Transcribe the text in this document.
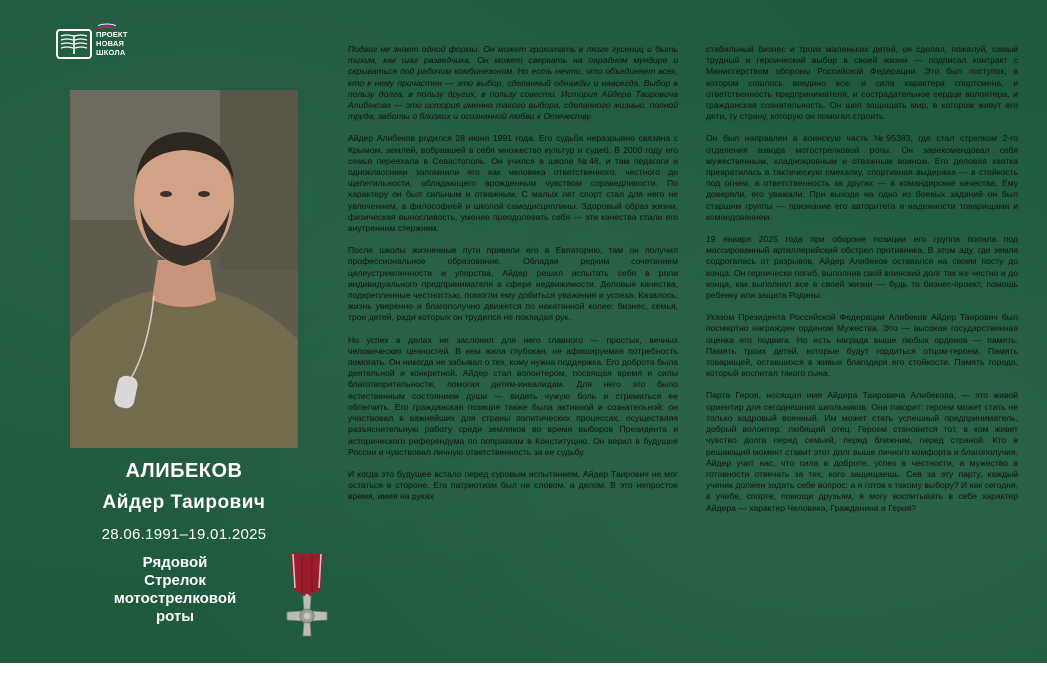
ПРОЕКТ
НОВАЯ
ШКОЛА
АЛИБЕКОВ
Айдер Таирович
28.06.1991–19.01.2025
Рядовой
Стрелок
мотострелковой
роты

Подвиг не знает одной формы. Он может грохотать в лязге гусениц и быть тихим, как шаг разведчика. Он может сверкать на парадном мундире и скрываться под рабочим комбинезоном. Но есть нечто, что объединяет всех, кто к нему причастен — это выбор, сделанный однажды и навсегда. Выбор в пользу долга, в пользу других, в пользу совести. История Айдера Таировича Алибекова — это история именно такого выбора, сделанного жизнью, полной труда, заботы о близких и осознанной любви к Отечеству.

Айдер Алибеков родился 28 июня 1991 года. Его судьба неразрывно связана с Крымом, землей, вобравшей в себя множество культур и судеб. В 2000 году его семья переехала в Севастополь. Он учился в школе №46, и там педагоги и одноклассники запомнили его как человека ответственного, честного до щепетильности, обладающего врожденным чувством справедливости. По характеру он был сильным и отважным. С малых лет спорт стал для него не увлечением, а философией и школой самодисциплины. Здоровый образ жизни, физическая выносливость, умение преодолевать себя — эти качества стали его внутренним стержнем.

После школы жизненные пути привели его в Евпаторию, там он получил профессиональное образование. Обладая редким сочетанием целеустремленности и упорства, Айдер решил испытать себя в роли индивидуального предпринимателя в сфере недвижимости. Деловые качества, подкрепленные честностью, помогли ему добиться уважения и успеха. Казалось, жизнь уверенно и благополучно движется по накатанной колее: бизнес, семья, трое детей, ради которых он трудился не покладая рук.

Но успех в делах не заслонил для него главного — простых, вечных человеческих ценностей. В нем жила глубокая, не афишируемая потребность помогать. Он никогда не забывал о тех, кому нужна поддержка. Его доброта была деятельной и конкретной. Айдер стал волонтером, посвящая время и силы благотворительности, помогая детям-инвалидам. Для него это было естественным состоянием души — видеть чужую боль и стремиться ее облегчить. Его гражданская позиция также была активной и сознательной: он участвовал в важнейших для страны политических процессах, осуществляя разъяснительную работу среди земляков во время выборов Президента и исторического референдума по поправкам в Конституцию. Он верил в будущее России и чувствовал личную ответственность за ее судьбу.

И когда это будущее встало перед суровым испытанием, Айдер Таирович не мог остаться в стороне. Его патриотизм был не словом, а делом. В это непростое время, имея на руках

стабильный бизнес и троих маленьких детей, он сделал, пожалуй, самый трудный и героический выбор в своей жизни — подписал контракт с Министерством обороны Российской Федерации. Это был поступок, в котором сошлось воедино все: и сила характера спортсмена, и ответственность предпринимателя, и сострадательное сердце волонтера, и гражданская сознательность. Он шел защищать мир, в котором живут его дети, ту страну, которую он помогал строить.

Он был направлен в воинскую часть №95383, где стал стрелком 2-го отделения взвода мотострелковой роты. Он зарекомендовал себя мужественным, хладнокровным и отважным воином. Его деловая хватка превратилась в тактическую смекалку, спортивная выдержка — в стойкость под огнем, а ответственность за других — в командирские качества. Ему доверяли, его уважали. При выходе на одно из боевых заданий он был старшим группы — признание его авторитета и надежности товарищами и командованием.

19 января 2025 года при обороне позиции его группа попала под массированный артиллерийский обстрел противника. В этом аду, где земля содрогалась от разрывов, Айдер Алибеков оставался на своем посту до конца. Он героически погиб, выполнив свой воинский долг так же честно и до конца, как выполнял все в своей жизни — будь то бизнес-проект, помощь ребенку или защита Родины.

Указом Президента Российской Федерации Алибеков Айдер Таирович был посмертно награжден орденом Мужества. Это — высокая государственная оценка его подвига. Но есть награда выше любых орденов — память. Память троих детей, которые будут гордиться отцом-героем. Память товарищей, оставшихся в живых благодаря его стойкости. Память города, который воспитал такого сына.

Парта Героя, носящая имя Айдера Таировича Алибекова, — это живой ориентир для сегодняшних школьников. Она говорит: героем может стать не только кадровый военный. Им может стать успешный предприниматель, добрый волонтер, любящий отец. Героем становится тот, в ком живет чувство долга перед семьей, перед ближним, перед страной. Кто в решающий момент ставит этот долг выше личного комфорта и благополучия. Айдер учит нас, что сила в доброте, успех в честности, а мужество в готовности отвечать за тех, кого защищаешь. Сев за эту парту, каждый ученик должен задать себе вопрос: а я готов к такому выбору? И как сегодня, в учебе, спорте, помощи друзьям, я могу воспитывать в себе характер Айдера — характер Человека, Гражданина и Героя?
